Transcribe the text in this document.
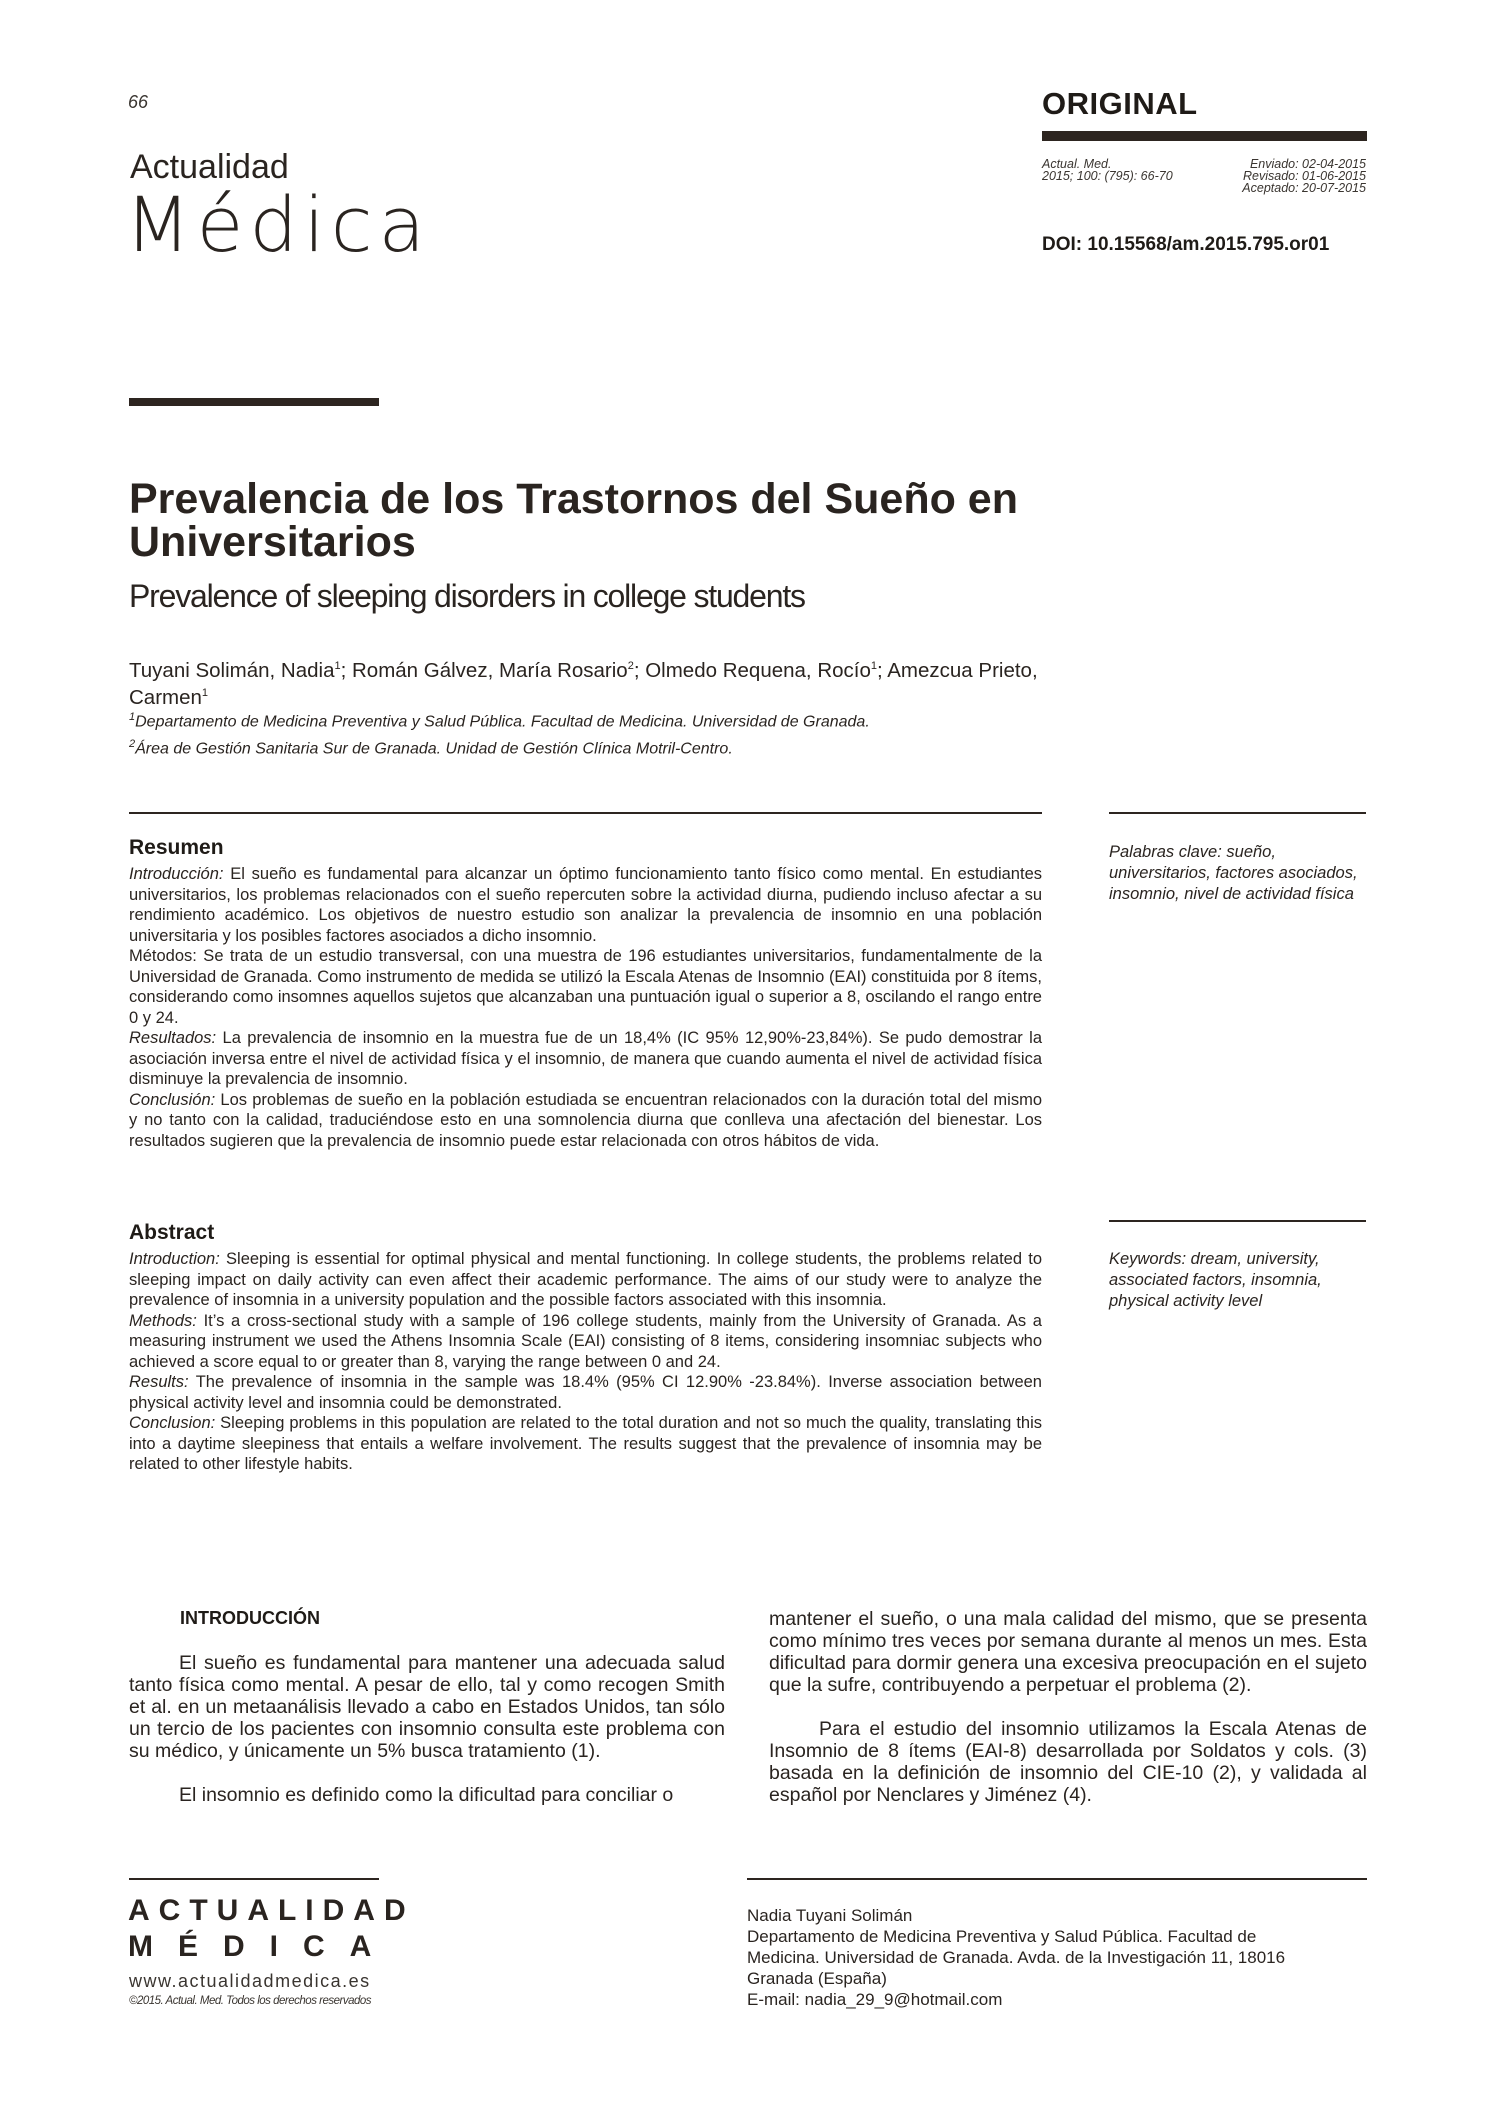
66	ORIGINAL
Actualidad
Médica
Actual. Med.
2015; 100: (795): 66-70
Enviado: 02-04-2015
Revisado: 01-06-2015
Aceptado: 20-07-2015
DOI: 10.15568/am.2015.795.or01
Prevalencia de los Trastornos del Sueño en Universitarios
Prevalence of sleeping disorders in college students
Tuyani Solimán, Nadia$^1$; Román Gálvez, María Rosario$^2$; Olmedo Requena, Rocío$^1$; Amezcua Prieto, Carmen$^1$
$^1$Departamento de Medicina Preventiva y Salud Pública. Facultad de Medicina. Universidad de Granada.
$^2$Área de Gestión Sanitaria Sur de Granada. Unidad de Gestión Clínica Motril-Centro.
Resumen

Introducción: El sueño es fundamental para alcanzar un óptimo funcionamiento tanto físico como mental. En estudiantes universitarios, los problemas relacionados con el sueño repercuten sobre la actividad diurna, pudiendo incluso afectar a su rendimiento académico. Los objetivos de nuestro estudio son analizar la prevalencia de insomnio en una población universitaria y los posibles factores asociados a dicho insomnio.

Métodos: Se trata de un estudio transversal, con una muestra de 196 estudiantes universitarios, fundamentalmente de la Universidad de Granada. Como instrumento de medida se utilizó la Escala Atenas de Insomnio (EAI) constituida por 8 ítems, considerando como insomnes aquellos sujetos que alcanzaban una puntuación igual o superior a 8, oscilando el rango entre 0 y 24.

Resultados: La prevalencia de insomnio en la muestra fue de un 18,4% (IC 95% 12,90%-23,84%). Se pudo demostrar la asociación inversa entre el nivel de actividad física y el insomnio, de manera que cuando aumenta el nivel de actividad física disminuye la prevalencia de insomnio.

Conclusión: Los problemas de sueño en la población estudiada se encuentran relacionados con la duración total del mismo y no tanto con la calidad, traduciéndose esto en una somnolencia diurna que conlleva una afectación del bienestar. Los resultados sugieren que la prevalencia de insomnio puede estar relacionada con otros hábitos de vida.

Palabras clave: sueño, universitarios, factores asociados, insomnio, nivel de actividad física
Abstract

Introduction: Sleeping is essential for optimal physical and mental functioning. In college students, the problems related to sleeping impact on daily activity can even affect their academic performance. The aims of our study were to analyze the prevalence of insomnia in a university population and the possible factors associated with this insomnia.

Methods: It’s a cross-sectional study with a sample of 196 college students, mainly from the University of Granada. As a measuring instrument we used the Athens Insomnia Scale (EAI) consisting of 8 items, considering insomniac subjects who achieved a score equal to or greater than 8, varying the range between 0 and 24.

Results: The prevalence of insomnia in the sample was 18.4% (95% CI 12.90% -23.84%). Inverse association between physical activity level and insomnia could be demonstrated.

Conclusion: Sleeping problems in this population are related to the total duration and not so much the quality, translating this into a daytime sleepiness that entails a welfare involvement. The results suggest that the prevalence of insomnia may be related to other lifestyle habits.

Keywords: dream, university, associated factors, insomnia, physical activity level
INTRODUCCIÓN

El sueño es fundamental para mantener una adecuada salud tanto física como mental. A pesar de ello, tal y como recogen Smith et al. en un metaanálisis llevado a cabo en Estados Unidos, tan sólo un tercio de los pacientes con insomnio consulta este problema con su médico, y únicamente un 5% busca tratamiento (1).

El insomnio es definido como la dificultad para conciliar o

mantener el sueño, o una mala calidad del mismo, que se presenta como mínimo tres veces por semana durante al menos un mes. Esta dificultad para dormir genera una excesiva preocupación en el sujeto que la sufre, contribuyendo a perpetuar el problema (2).

Para el estudio del insomnio utilizamos la Escala Atenas de Insomnio de 8 ítems (EAI-8) desarrollada por Soldatos y cols. (3) basada en la definición de insomnio del CIE-10 (2), y validada al español por Nenclares y Jiménez (4).

ACTUALIDAD
MÉDICA
www.actualidadmedica.es
©2015. Actual. Med. Todos los derechos reservados
Nadia Tuyani Solimán
Departamento de Medicina Preventiva y Salud Pública. Facultad de
Medicina. Universidad de Granada. Avda. de la Investigación 11, 18016
Granada (España)
E-mail: nadia_29_9@hotmail.com
